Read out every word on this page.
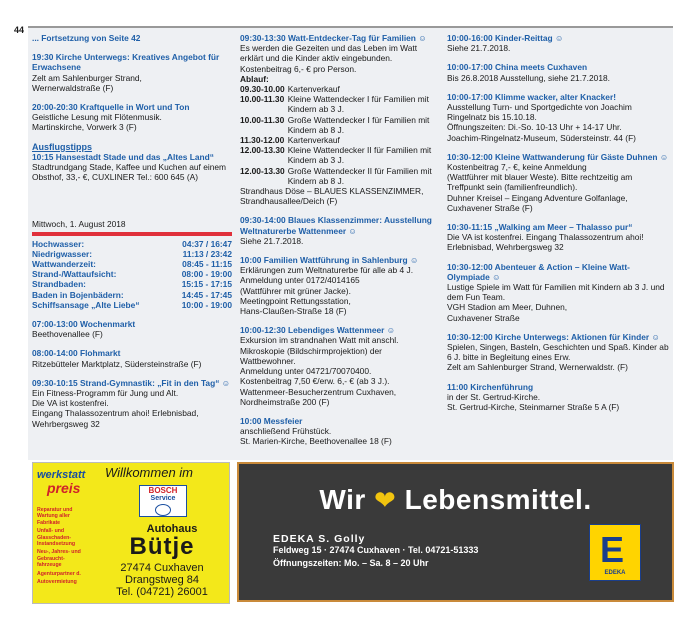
44
... Fortsetzung von Seite 42
19:30 Kirche Unterwegs: Kreatives Angebot für Erwachsene
Zelt am Sahlenburger Strand,
Wernerwaldstraße (F)
20:00-20:30 Kraftquelle in Wort und Ton
Geistliche Lesung mit Flötenmusik.
Martinskirche, Vorwerk 3 (F)
Ausflugstipps
10:15 Hansestadt Stade und das „Altes Land“
Stadtrundgang Stade, Kaffee und Kuchen auf einem Obsthof, 33,- €, CUXLINER Tel.: 600 645 (A)
Mittwoch, 1. August 2018
Hochwasser:	04:37 / 16:47
Niedrigwasser:	11:13 / 23:42
Wattwanderzeit:	08:45 - 11:15
Strand-/Wattaufsicht:	08:00 - 19:00
Strandbaden:	15:15 - 17:15
Baden in Bojenbädern:	14:45 - 17:45
Schiffsansage „Alte Liebe“	10:00 - 19:00
07:00-13:00 Wochenmarkt
Beethovenallee (F)
08:00-14:00 Flohmarkt
Ritzebütteler Marktplatz, Südersteinstraße (F)
09:30-10:15 Strand-Gymnastik: „Fit in den Tag“ ☺
Ein Fitness-Programm für Jung und Alt.
Die VA ist kostenfrei.
Eingang Thalassozentrum ahoi! Erlebnisbad, Wehrbergsweg 32
09:30-13:30 Watt-Entdecker-Tag für Familien ☺
Es werden die Gezeiten und das Leben im Watt erklärt und die Kinder aktiv eingebunden.
Kostenbeitrag 6,- € pro Person.
Ablauf:
09.30-10.00	Kartenverkauf
10.00-11.30	Kleine Wattendecker I für Familien mit Kindern ab 3 J.
10.00-11.30	Große Wattendecker I für Familien mit Kindern ab 8 J.
11.30-12.00	Kartenverkauf
12.00-13.30	Kleine Wattendecker II für Familien mit Kindern ab 3 J.
12.00-13.30	Große Wattendecker II für Familien mit Kindern ab 8 J.
Strandhaus Döse – BLAUES KLASSENZIMMER, Strandhausallee/Deich (F)
09:30-14:00 Blaues Klassenzimmer: Ausstellung Weltnaturerbe Wattenmeer ☺
Siehe 21.7.2018.
10:00 Familien Wattführung in Sahlenburg ☺
Erklärungen zum Weltnaturerbe für alle ab 4 J.
Anmeldung unter 0172/4014165
(Wattführer mit grüner Jacke).
Meetingpoint Rettungsstation,
Hans-Claußen-Straße 18 (F)
10:00-12:30 Lebendiges Wattenmeer ☺
Exkursion im strandnahen Watt mit anschl. Mikroskopie (Bildschirmprojektion) der Wattbewohner.
Anmeldung unter 04721/70070400.
Kostenbeitrag 7,50 €/erw. 6,- € (ab 3 J.).
Wattenmeer-Besucherzentrum Cuxhaven,
Nordheimstraße 200 (F)
10:00 Messfeier
anschließend Frühstück.
St. Marien-Kirche, Beethovenallee 18 (F)
10:00-16:00 Kinder-Reittag ☺
Siehe 21.7.2018.
10:00-17:00 China meets Cuxhaven
Bis 26.8.2018 Ausstellung, siehe 21.7.2018.
10:00-17:00 Klimme wacker, alter Knacker!
Ausstellung Turn- und Sportgedichte von Joachim Ringelnatz bis 15.10.18.
Öffnungszeiten: Di.-So. 10-13 Uhr + 14-17 Uhr.
Joachim-Ringelnatz-Museum, Südersteinstr. 44 (F)
10:30-12:00 Kleine Wattwanderung für Gäste Duhnen ☺
Kostenbeitrag 7,- €, keine Anmeldung
(Wattführer mit blauer Weste). Bitte rechtzeitig am Treffpunkt sein (familienfreundlich).
Duhner Kreisel – Eingang Adventure Golfanlage, Cuxhavener Straße (F)
10:30-11:15 „Walking am Meer – Thalasso pur“
Die VA ist kostenfrei. Eingang Thalassozentrum ahoi! Erlebnisbad, Wehrbergsweg 32
10:30-12:00 Abenteuer & Action – Kleine Watt-Olympiade ☺
Lustige Spiele im Watt für Familien mit Kindern ab 3 J. und dem Fun Team.
VGH Stadion am Meer, Duhnen,
Cuxhavener Straße
10:30-12:00 Kirche Unterwegs: Aktionen für Kinder ☺
Spielen, Singen, Basteln, Geschichten und Spaß. Kinder ab 6 J. bitte in Begleitung eines Erw.
Zelt am Sahlenburger Strand, Wernerwaldstr. (F)
11:00 Kirchenführung
in der St. Gertrud-Kirche.
St. Gertrud-Kirche, Steinmarner Straße 5 A (F)
Willkommen im
werkstatt
preis
Reparatur und Wartung aller Fabrikate
Unfall- und Glasschaden-Instandsetzung
Neu-, Jahres- und Gebraucht-fahrzeuge
Agenturpartner d.
Autovermietung
BOSCH
Service
Autohaus
Bütje
27474 Cuxhaven
Drangstweg 84
Tel. (04721) 26001
Wir ❤ Lebensmittel.
EDEKA S. Golly
Feldweg 15 · 27474 Cuxhaven · Tel. 04721-51333
Öffnungszeiten: Mo. – Sa. 8 – 20 Uhr	E
EDEKA
